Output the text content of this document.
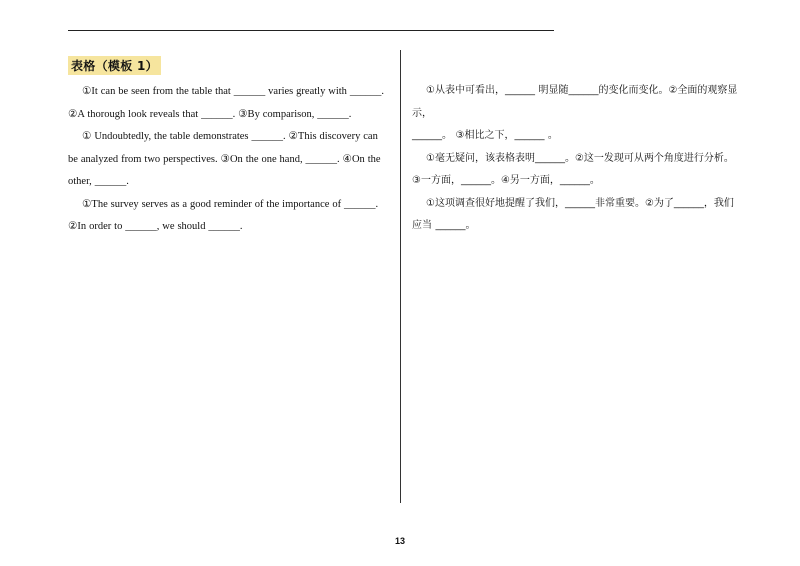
表格（模板 1）

①It can be seen from the table that ______ varies greatly with ______.

②A thorough look reveals that ______. ③By comparison, ______.

① Undoubtedly, the table demonstrates ______. ②This discovery can be analyzed from two perspectives. ③On the one hand, ______. ④On the other, ______.

①The survey serves as a good reminder of the importance of ______.

②In order to ______, we should ______.

①从表中可看出，______ 明显随______的变化而变化。②全面的观察显示，

______。 ③相比之下，______ 。

①毫无疑问，该表格表明______。②这一发现可从两个角度进行分析。

③一方面，______。④另一方面，______。

①这项调查很好地提醒了我们，______非常重要。②为了______，我们应当 ______。

13
